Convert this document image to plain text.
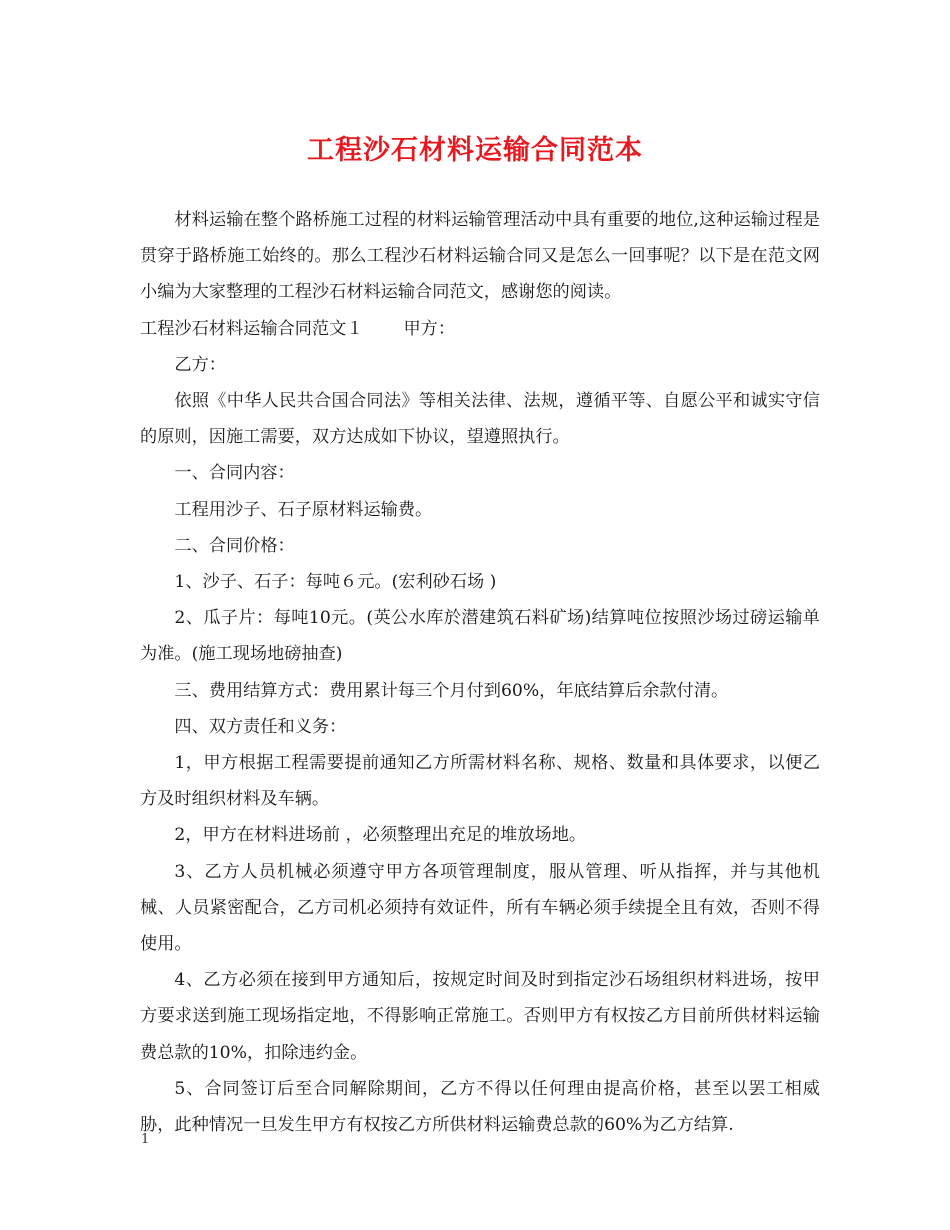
工程沙石材料运输合同范本

材料运输在整个路桥施工过程的材料运输管理活动中具有重要的地位,这种运输过程是贯穿于路桥施工始终的。那么工程沙石材料运输合同又是怎么一回事呢？以下是在范文网小编为大家整理的工程沙石材料运输合同范文，感谢您的阅读。

工程沙石材料运输合同范文１ 甲方：

乙方：

依照《中华人民共合国合同法》等相关法律、法规，遵循平等、自愿公平和诚实守信的原则，因施工需要，双方达成如下协议，望遵照执行。

一、合同内容：

工程用沙子、石子原材料运输费。

二、合同价格：

1、沙子、石子：每吨６元。(宏利砂石场 )

2、瓜子片：每吨10元。(英公水库於潜建筑石料矿场)结算吨位按照沙场过磅运输单为准。(施工现场地磅抽查)

三、费用结算方式：费用累计每三个月付到60%，年底结算后余款付清。

四、双方责任和义务：

1，甲方根据工程需要提前通知乙方所需材料名称、规格、数量和具体要求，以便乙方及时组织材料及车辆。

2，甲方在材料进场前 ，必须整理出充足的堆放场地。

3、乙方人员机械必须遵守甲方各项管理制度，服从管理、听从指挥，并与其他机械、人员紧密配合，乙方司机必须持有效证件，所有车辆必须手续提全且有效，否则不得使用。

4、乙方必须在接到甲方通知后，按规定时间及时到指定沙石场组织材料进场，按甲方要求送到施工现场指定地，不得影响正常施工。否则甲方有权按乙方目前所供材料运输费总款的10%，扣除违约金。

5、合同签订后至合同解除期间，乙方不得以任何理由提高价格，甚至以罢工相威胁，此种情况一旦发生甲方有权按乙方所供材料运输费总款的60%为乙方结算.

1
